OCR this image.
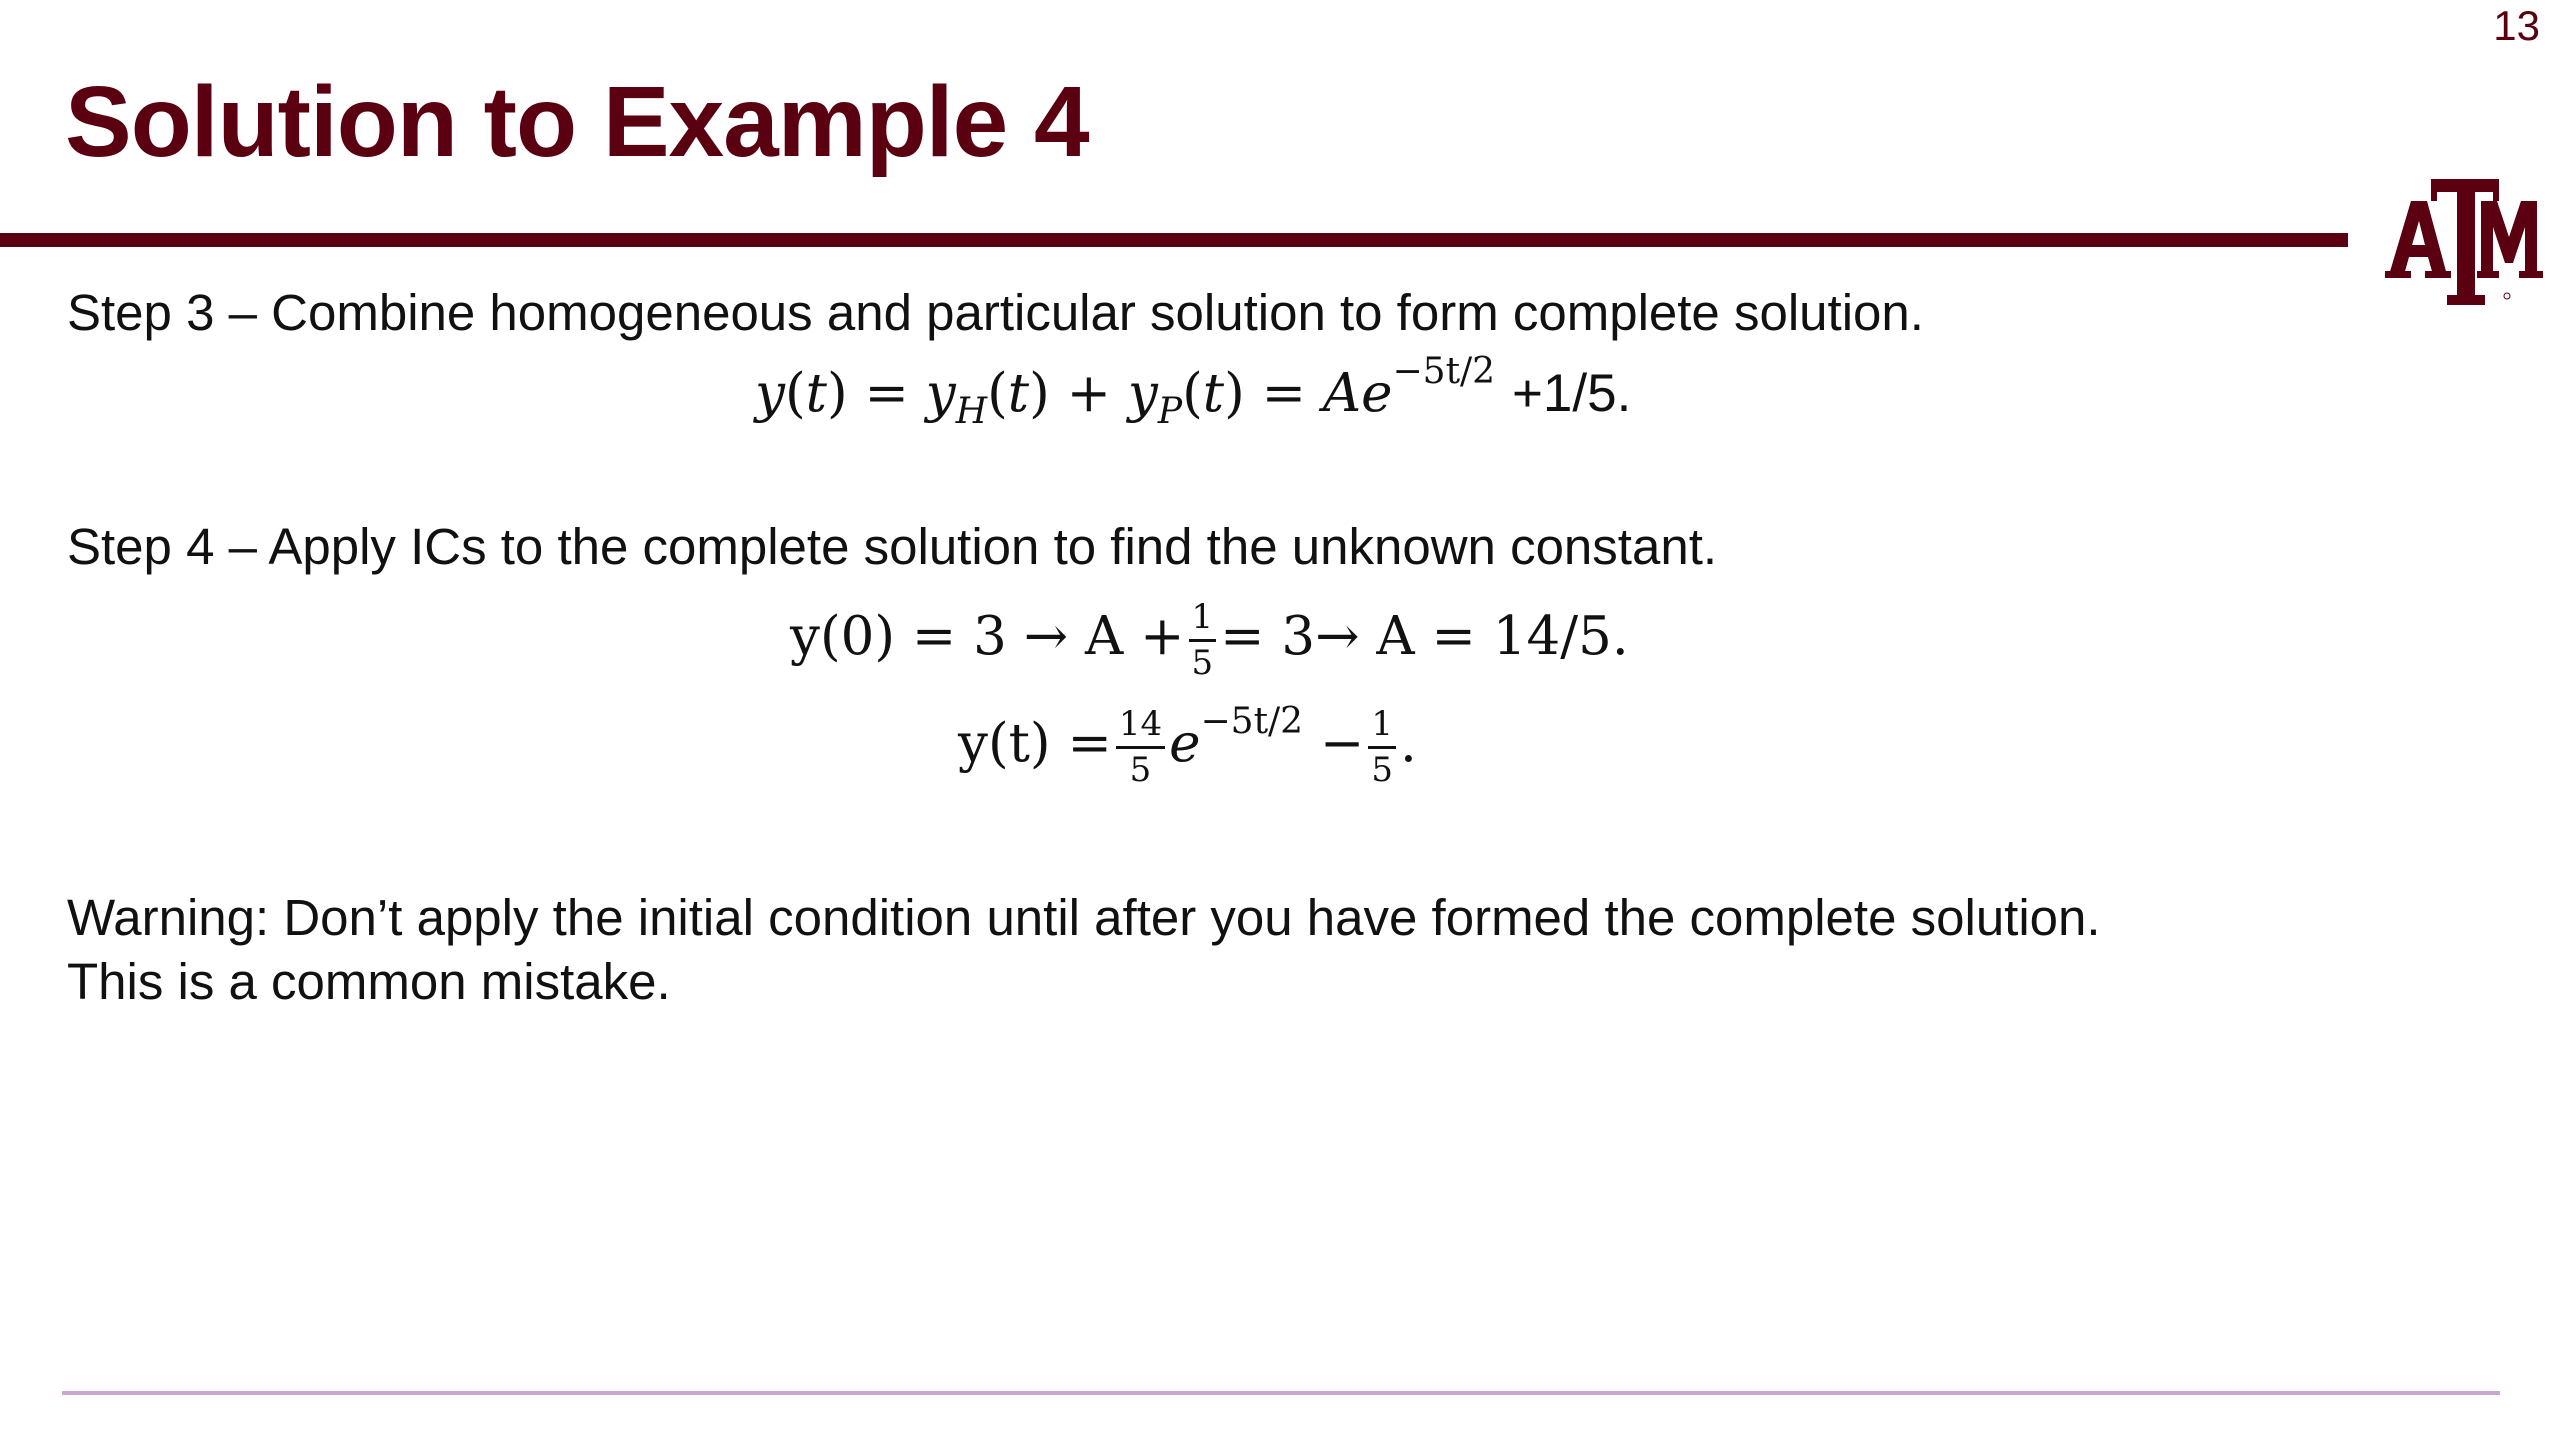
13
Solution to Example 4
Step 3 – Combine homogeneous and particular solution to form complete solution.
$y(t) = y_H(t) + y_P(t) = Ae^{-5t/2} +1/5$.
Step 4 – Apply ICs to the complete solution to find the unknown constant.
$y(0) = 3 \to A + \frac{1}{5} = 3\to A = 14/5$.
$y(t) = \frac{14}{5} e^{-5t/2} - \frac{1}{5}$ .
Warning: Don’t apply the initial condition until after you have formed the complete solution.
This is a common mistake.
